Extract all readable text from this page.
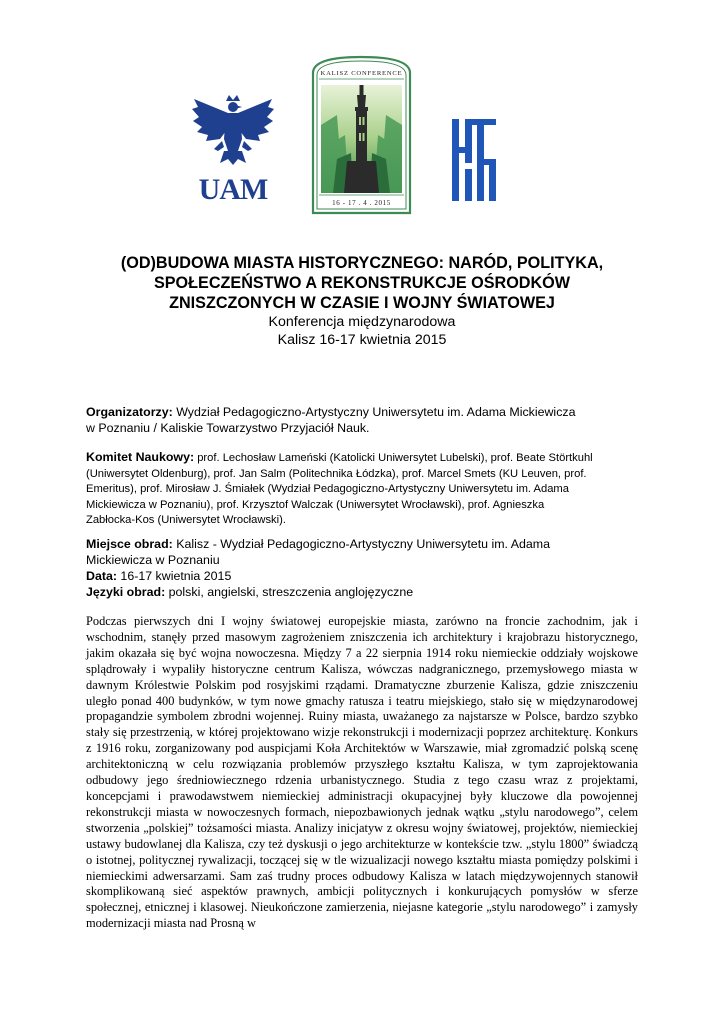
UAM
KALISZ CONFERENCE
16 - 17 . 4 . 2015
(OD)BUDOWA MIASTA HISTORYCZNEGO: NARÓD, POLITYKA,
SPOŁECZEŃSTWO A REKONSTRUKCJE OŚRODKÓW
ZNISZCZONYCH W CZASIE I WOJNY ŚWIATOWEJ
Konferencja międzynarodowa
Kalisz 16-17 kwietnia 2015
Organizatorzy: Wydział Pedagogiczno-Artystyczny Uniwersytetu im. Adama Mickiewicza
w Poznaniu / Kaliskie Towarzystwo Przyjaciół Nauk.
Komitet Naukowy: prof. Lechosław Lameński (Katolicki Uniwersytet Lubelski), prof. Beate Störtkuhl
(Uniwersytet Oldenburg), prof. Jan Salm (Politechnika Łódzka), prof. Marcel Smets (KU Leuven, prof.
Emeritus), prof. Mirosław J. Śmiałek (Wydział Pedagogiczno-Artystyczny Uniwersytetu im. Adama
Mickiewicza w Poznaniu), prof. Krzysztof Walczak (Uniwersytet Wrocławski), prof. Agnieszka
Zabłocka-Kos (Uniwersytet Wrocławski).
Miejsce obrad: Kalisz - Wydział Pedagogiczno-Artystyczny Uniwersytetu im. Adama
Mickiewicza w Poznaniu
Data: 16-17 kwietnia 2015
Języki obrad: polski, angielski, streszczenia anglojęzyczne

Podczas pierwszych dni I wojny światowej europejskie miasta, zarówno na froncie zachodnim, jak i wschodnim, stanęły przed masowym zagrożeniem zniszczenia ich architektury i krajobrazu historycznego, jakim okazała się być wojna nowoczesna. Między 7 a 22 sierpnia 1914 roku niemieckie oddziały wojskowe splądrowały i wypaliły historyczne centrum Kalisza, wówczas nadgranicznego, przemysłowego miasta w dawnym Królestwie Polskim pod rosyjskimi rządami. Dramatyczne zburzenie Kalisza, gdzie zniszczeniu uległo ponad 400 budynków, w tym nowe gmachy ratusza i teatru miejskiego, stało się w międzynarodowej propagandzie symbolem zbrodni wojennej. Ruiny miasta, uważanego za najstarsze w Polsce, bardzo szybko stały się przestrzenią, w której projektowano wizje rekonstrukcji i modernizacji poprzez architekturę. Konkurs z 1916 roku, zorganizowany pod auspicjami Koła Architektów w Warszawie, miał zgromadzić polską scenę architektoniczną w celu rozwiązania problemów przyszłego kształtu Kalisza, w tym zaprojektowania odbudowy jego średniowiecznego rdzenia urbanistycznego. Studia z tego czasu wraz z projektami, koncepcjami i prawodawstwem niemieckiej administracji okupacyjnej były kluczowe dla powojennej rekonstrukcji miasta w nowoczesnych formach, niepozbawionych jednak wątku „stylu narodowego”, celem stworzenia „polskiej” tożsamości miasta. Analizy inicjatyw z okresu wojny światowej, projektów, niemieckiej ustawy budowlanej dla Kalisza, czy też dyskusji o jego architekturze w kontekście tzw. „stylu 1800” świadczą o istotnej, politycznej rywalizacji, toczącej się w tle wizualizacji nowego kształtu miasta pomiędzy polskimi i niemieckimi adwersarzami. Sam zaś trudny proces odbudowy Kalisza w latach międzywojennych stanowił skomplikowaną sieć aspektów prawnych, ambicji politycznych i konkurujących pomysłów w sferze społecznej, etnicznej i klasowej. Nieukończone zamierzenia, niejasne kategorie „stylu narodowego” i zamysły modernizacji miasta nad Prosną w
